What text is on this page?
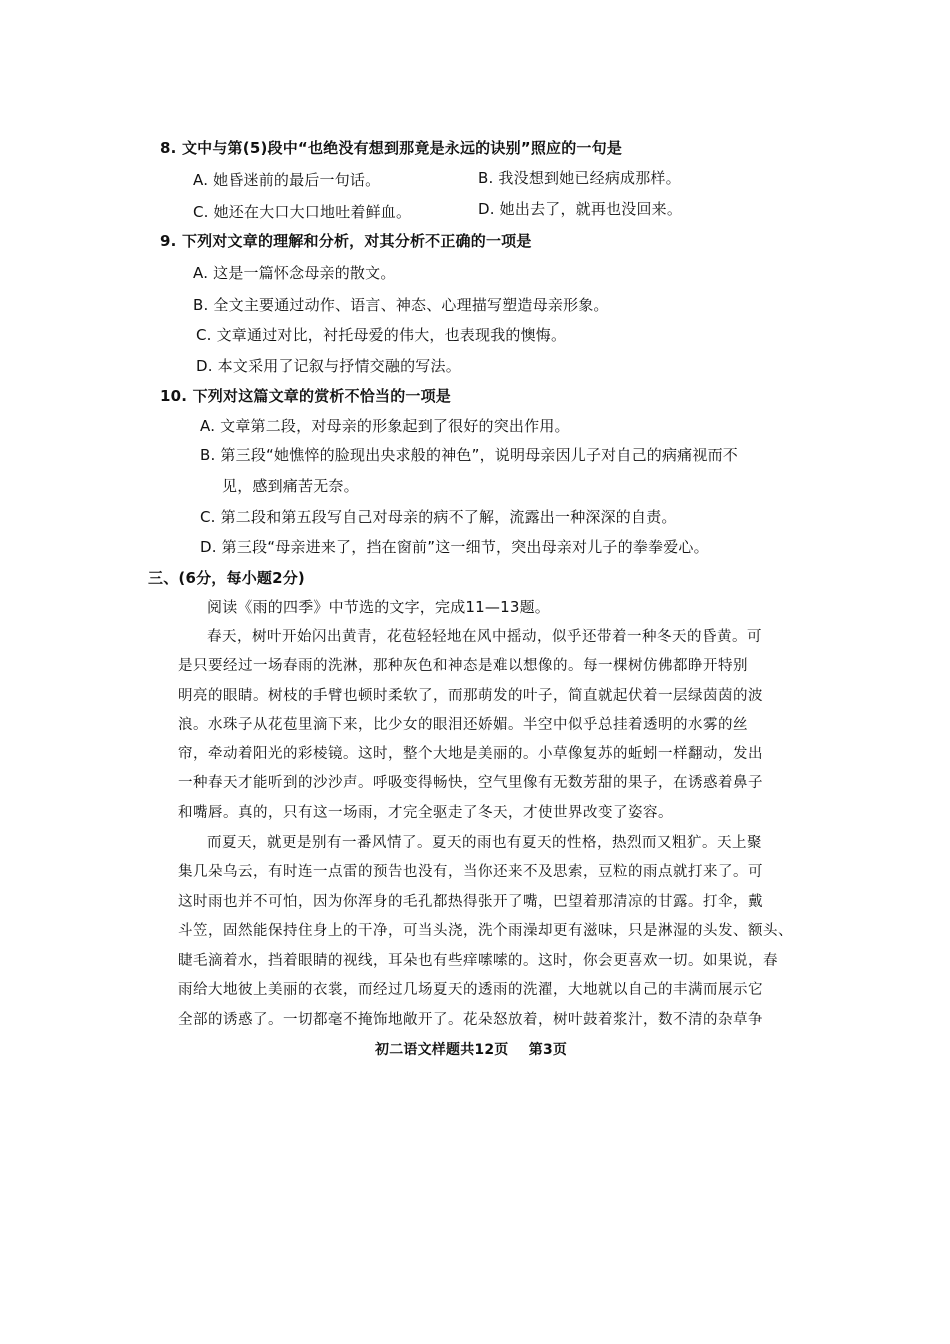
8. 文中与第(5)段中“也绝没有想到那竟是永远的诀别”照应的一句是
A. 她昏迷前的最后一句话。	B. 我没想到她已经病成那样。
C. 她还在大口大口地吐着鲜血。	D. 她出去了，就再也没回来。
9. 下列对文章的理解和分析，对其分析不正确的一项是
A. 这是一篇怀念母亲的散文。
B. 全文主要通过动作、语言、神态、心理描写塑造母亲形象。
C. 文章通过对比，衬托母爱的伟大，也表现我的懊悔。
D. 本文采用了记叙与抒情交融的写法。
10. 下列对这篇文章的赏析不恰当的一项是
A. 文章第二段，对母亲的形象起到了很好的突出作用。
B. 第三段“她憔悴的脸现出央求般的神色”，说明母亲因儿子对自己的病痛视而不
见，感到痛苦无奈。
C. 第二段和第五段写自己对母亲的病不了解，流露出一种深深的自责。
D. 第三段“母亲进来了，挡在窗前”这一细节，突出母亲对儿子的拳拳爱心。
三、(6分，每小题2分)
阅读《雨的四季》中节选的文字，完成11—13题。
春天，树叶开始闪出黄青，花苞轻轻地在风中摇动，似乎还带着一种冬天的昏黄。可
是只要经过一场春雨的洗淋，那种灰色和神态是难以想像的。每一棵树仿佛都睁开特别
明亮的眼睛。树枝的手臂也顿时柔软了，而那萌发的叶子，简直就起伏着一层绿茵茵的波
浪。水珠子从花苞里滴下来，比少女的眼泪还娇媚。半空中似乎总挂着透明的水雾的丝
帘，牵动着阳光的彩棱镜。这时，整个大地是美丽的。小草像复苏的蚯蚓一样翻动，发出
一种春天才能听到的沙沙声。呼吸变得畅快，空气里像有无数芳甜的果子，在诱惑着鼻子
和嘴唇。真的，只有这一场雨，才完全驱走了冬天，才使世界改变了姿容。
而夏天，就更是别有一番风情了。夏天的雨也有夏天的性格，热烈而又粗犷。天上聚
集几朵乌云，有时连一点雷的预告也没有，当你还来不及思索，豆粒的雨点就打来了。可
这时雨也并不可怕，因为你浑身的毛孔都热得张开了嘴，巴望着那清凉的甘露。打伞，戴
斗笠，固然能保持住身上的干净，可当头浇，洗个雨澡却更有滋味，只是淋湿的头发、额头、
睫毛滴着水，挡着眼睛的视线，耳朵也有些痒嗦嗦的。这时，你会更喜欢一切。如果说，春
雨给大地彼上美丽的衣裳，而经过几场夏天的透雨的洗濯，大地就以自己的丰满而展示它
全部的诱惑了。一切都毫不掩饰地敞开了。花朵怒放着，树叶鼓着浆汁，数不清的杂草争
初二语文样题共12页    第3页
